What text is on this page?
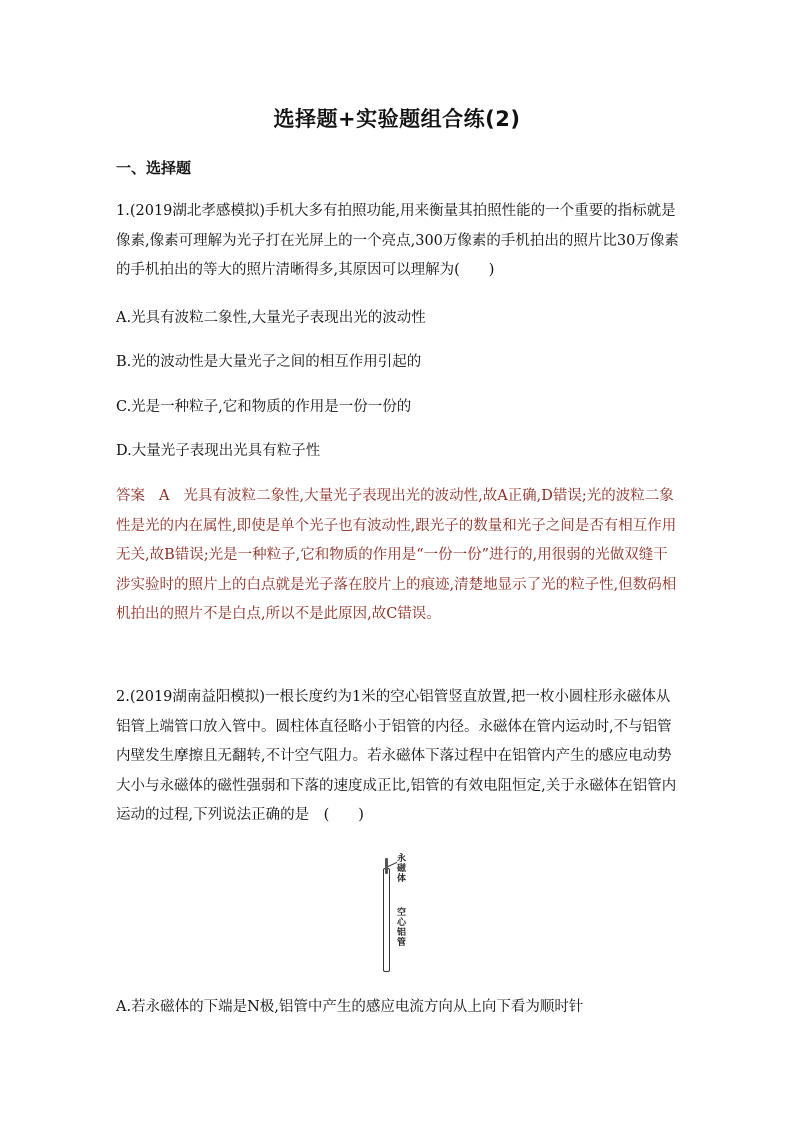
选择题+实验题组合练(2)
一、选择题

1.(2019湖北孝感模拟)手机大多有拍照功能,用来衡量其拍照性能的一个重要的指标就是像素,像素可理解为光子打在光屏上的一个亮点,300万像素的手机拍出的照片比30万像素的手机拍出的等大的照片清晰得多,其原因可以理解为(　　)

A.光具有波粒二象性,大量光子表现出光的波动性

B.光的波动性是大量光子之间的相互作用引起的

C.光是一种粒子,它和物质的作用是一份一份的

D.大量光子表现出光具有粒子性

答案 A 光具有波粒二象性,大量光子表现出光的波动性,故A正确,D错误;光的波粒二象性是光的内在属性,即使是单个光子也有波动性,跟光子的数量和光子之间是否有相互作用无关,故B错误;光是一种粒子,它和物质的作用是“一份一份”进行的,用很弱的光做双缝干涉实验时的照片上的白点就是光子落在胶片上的痕迹,清楚地显示了光的粒子性,但数码相机拍出的照片不是白点,所以不是此原因,故C错误。

2.(2019湖南益阳模拟)一根长度约为1米的空心铝管竖直放置,把一枚小圆柱形永磁体从铝管上端管口放入管中。圆柱体直径略小于铝管的内径。永磁体在管内运动时,不与铝管内壁发生摩擦且无翻转,不计空气阻力。若永磁体下落过程中在铝管内产生的感应电动势大小与永磁体的磁性强弱和下落的速度成正比,铝管的有效电阻恒定,关于永磁体在铝管内运动的过程,下列说法正确的是　(　　)

永磁体
空心铝管

A.若永磁体的下端是N极,铝管中产生的感应电流方向从上向下看为顺时针
